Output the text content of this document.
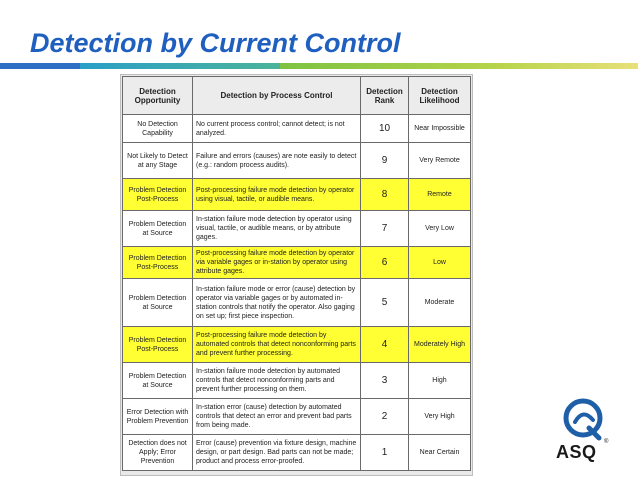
Detection by Current Control
Detection Opportunity	Detection by Process Control	Detection Rank	Detection Likelihood
No Detection Capability	No current process control; cannot detect; is not analyzed.	10	Near Impossible
Not Likely to Detect at any Stage	Failure and errors (causes) are note easily to detect (e.g.: random process audits).	9	Very Remote
Problem Detection Post-Process	Post-processing failure mode detection by operator using visual, tactile, or audible means.	8	Remote
Problem Detection at Source	In-station failure mode detection by operator using visual, tactile, or audible means, or by attribute gages.	7	Very Low
Problem Detection Post-Process	Post-processing failure mode detection by operator via variable gages or in-station by operator using attribute gages.	6	Low
Problem Detection at Source	In-station failure mode or error (cause) detection by operator via variable gages or by automated in-station controls that notify the operator. Also gaging on set up; first piece inspection.	5	Moderate
Problem Detection Post-Process	Post-processing failure mode detection by automated controls that detect nonconforming parts and prevent further processing.	4	Moderately High
Problem Detection at Source	In-station failure mode detection by automated controls that detect nonconforming parts and prevent further processing on them.	3	High
Error Detection with Problem Prevention	In-station error (cause) detection by automated controls that detect an error and prevent bad parts from being made.	2	Very High
Detection does not Apply; Error Prevention	Error (cause) prevention via fixture design, machine design, or part design. Bad parts can not be made; product and process error-proofed.	1	Near Certain	ASQ ®
